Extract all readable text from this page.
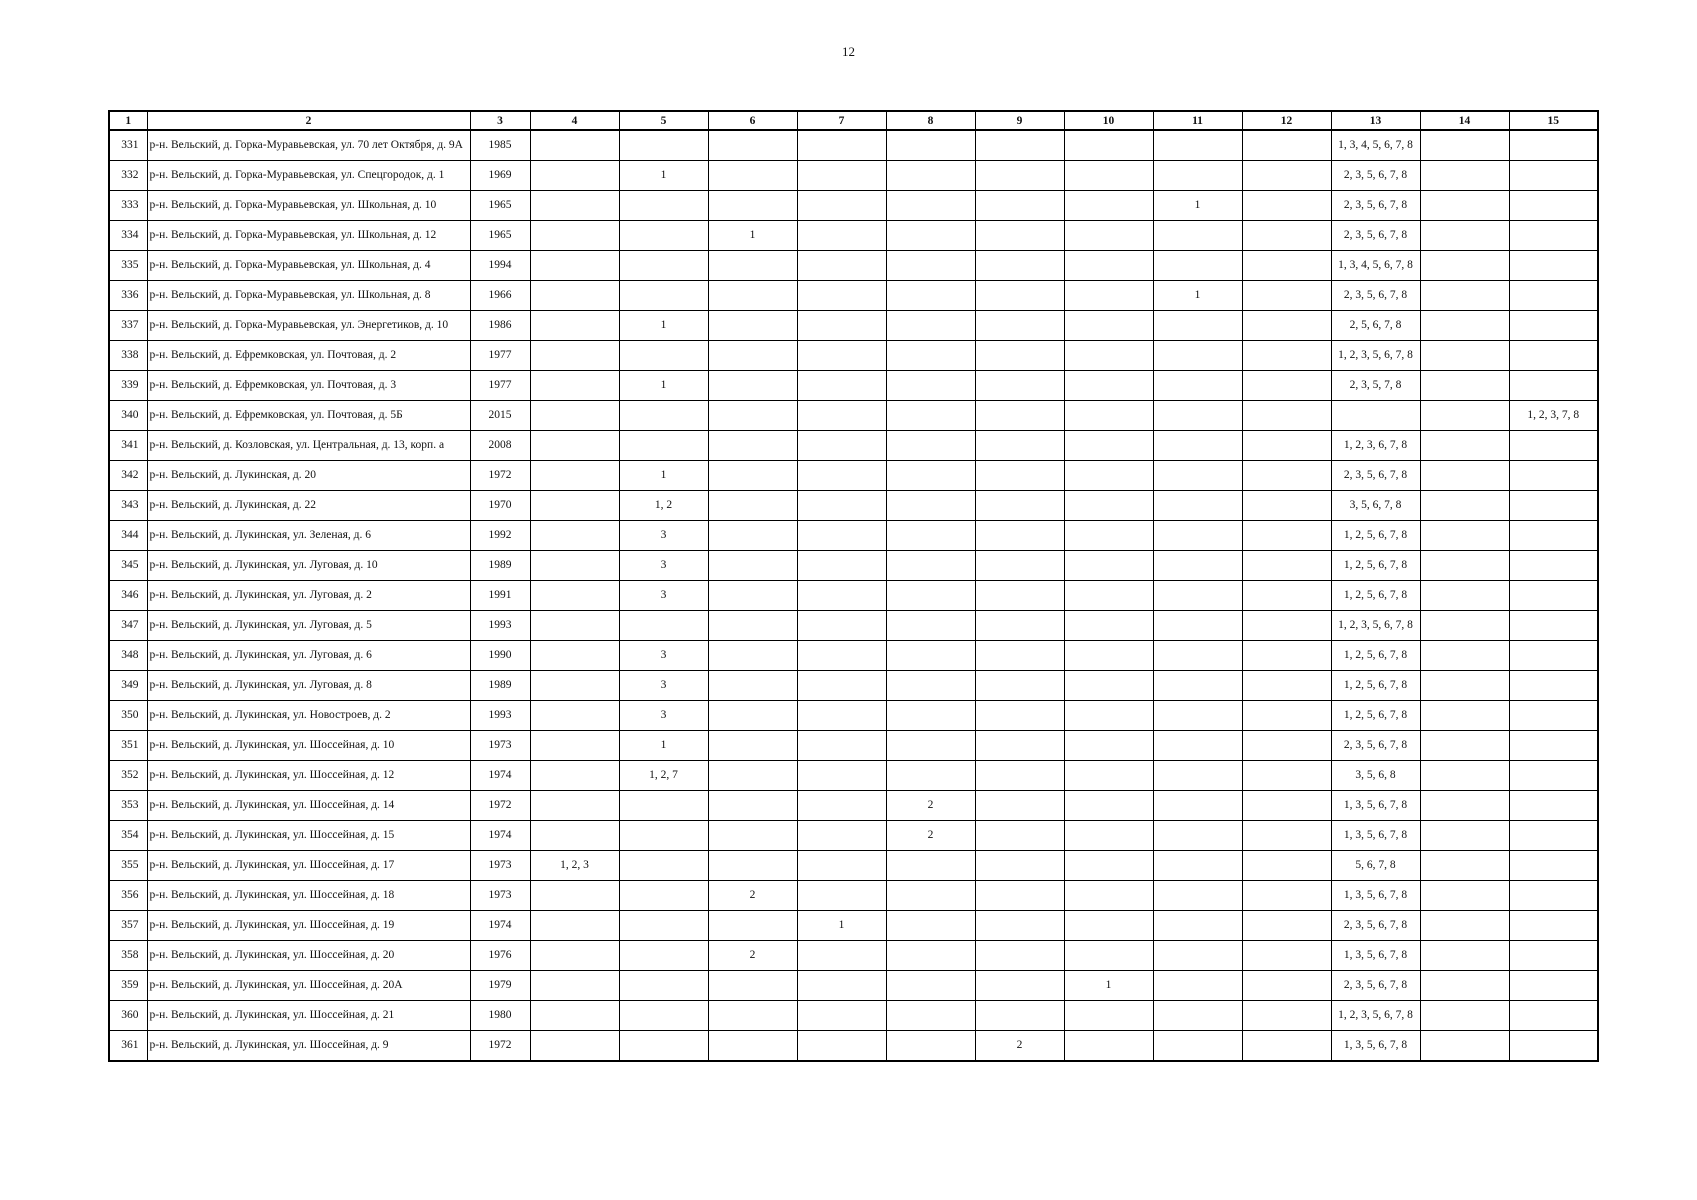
12
1	2	3	4	5	6	7	8	9	10	11	12	13	14	15
331	р-н. Вельский, д. Горка-Муравьевская, ул. 70 лет Октября, д. 9А	1985										1, 3, 4, 5, 6, 7, 8		
332	р-н. Вельский, д. Горка-Муравьевская, ул. Спецгородок, д. 1	1969		1								2, 3, 5, 6, 7, 8		
333	р-н. Вельский, д. Горка-Муравьевская, ул. Школьная, д. 10	1965								1		2, 3, 5, 6, 7, 8		
334	р-н. Вельский, д. Горка-Муравьевская, ул. Школьная, д. 12	1965			1							2, 3, 5, 6, 7, 8		
335	р-н. Вельский, д. Горка-Муравьевская, ул. Школьная, д. 4	1994										1, 3, 4, 5, 6, 7, 8		
336	р-н. Вельский, д. Горка-Муравьевская, ул. Школьная, д. 8	1966								1		2, 3, 5, 6, 7, 8		
337	р-н. Вельский, д. Горка-Муравьевская, ул. Энергетиков, д. 10	1986		1								2, 5, 6, 7, 8		
338	р-н. Вельский, д. Ефремковская, ул. Почтовая, д. 2	1977										1, 2, 3, 5, 6, 7, 8		
339	р-н. Вельский, д. Ефремковская, ул. Почтовая, д. 3	1977		1								2, 3, 5, 7, 8		
340	р-н. Вельский, д. Ефремковская, ул. Почтовая, д. 5Б	2015												1, 2, 3, 7, 8
341	р-н. Вельский, д. Козловская, ул. Центральная, д. 13, корп. а	2008										1, 2, 3, 6, 7, 8		
342	р-н. Вельский, д. Лукинская, д. 20	1972		1								2, 3, 5, 6, 7, 8		
343	р-н. Вельский, д. Лукинская, д. 22	1970		1, 2								3, 5, 6, 7, 8		
344	р-н. Вельский, д. Лукинская, ул. Зеленая, д. 6	1992		3								1, 2, 5, 6, 7, 8		
345	р-н. Вельский, д. Лукинская, ул. Луговая, д. 10	1989		3								1, 2, 5, 6, 7, 8		
346	р-н. Вельский, д. Лукинская, ул. Луговая, д. 2	1991		3								1, 2, 5, 6, 7, 8		
347	р-н. Вельский, д. Лукинская, ул. Луговая, д. 5	1993										1, 2, 3, 5, 6, 7, 8		
348	р-н. Вельский, д. Лукинская, ул. Луговая, д. 6	1990		3								1, 2, 5, 6, 7, 8		
349	р-н. Вельский, д. Лукинская, ул. Луговая, д. 8	1989		3								1, 2, 5, 6, 7, 8		
350	р-н. Вельский, д. Лукинская, ул. Новостроев, д. 2	1993		3								1, 2, 5, 6, 7, 8		
351	р-н. Вельский, д. Лукинская, ул. Шоссейная, д. 10	1973		1								2, 3, 5, 6, 7, 8		
352	р-н. Вельский, д. Лукинская, ул. Шоссейная, д. 12	1974		1, 2, 7								3, 5, 6, 8		
353	р-н. Вельский, д. Лукинская, ул. Шоссейная, д. 14	1972					2					1, 3, 5, 6, 7, 8		
354	р-н. Вельский, д. Лукинская, ул. Шоссейная, д. 15	1974					2					1, 3, 5, 6, 7, 8		
355	р-н. Вельский, д. Лукинская, ул. Шоссейная, д. 17	1973	1, 2, 3									5, 6, 7, 8		
356	р-н. Вельский, д. Лукинская, ул. Шоссейная, д. 18	1973			2							1, 3, 5, 6, 7, 8		
357	р-н. Вельский, д. Лукинская, ул. Шоссейная, д. 19	1974				1						2, 3, 5, 6, 7, 8		
358	р-н. Вельский, д. Лукинская, ул. Шоссейная, д. 20	1976			2							1, 3, 5, 6, 7, 8		
359	р-н. Вельский, д. Лукинская, ул. Шоссейная, д. 20А	1979							1			2, 3, 5, 6, 7, 8		
360	р-н. Вельский, д. Лукинская, ул. Шоссейная, д. 21	1980										1, 2, 3, 5, 6, 7, 8		
361	р-н. Вельский, д. Лукинская, ул. Шоссейная, д. 9	1972						2				1, 3, 5, 6, 7, 8		
